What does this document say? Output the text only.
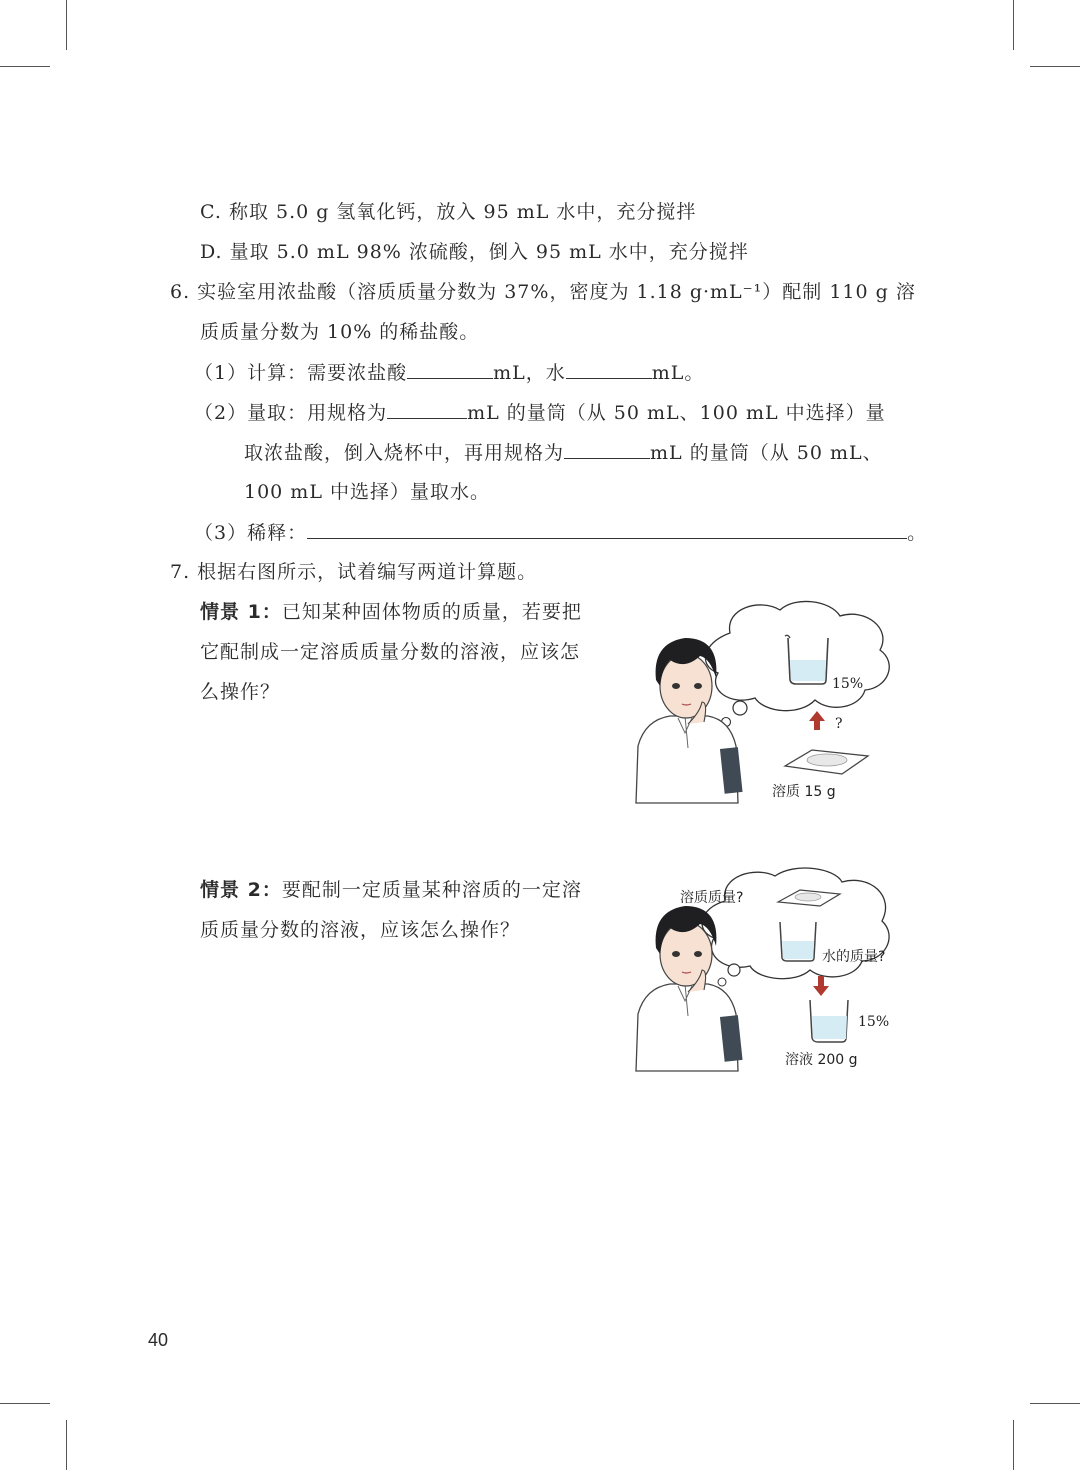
C. 称取 5.0 g 氢氧化钙，放入 95 mL 水中，充分搅拌
D. 量取 5.0 mL 98% 浓硫酸，倒入 95 mL 水中，充分搅拌
6. 实验室用浓盐酸（溶质质量分数为 37%，密度为 1.18 g·mL⁻¹）配制 110 g 溶
质质量分数为 10% 的稀盐酸。
（1）计算：需要浓盐酸	mL，水	mL。
（2）量取：用规格为	mL 的量筒（从 50 mL、100 mL 中选择）量
取浓盐酸，倒入烧杯中，再用规格为	mL 的量筒（从 50 mL、
100 mL 中选择）量取水。
（3）稀释：	。
7. 根据右图所示，试着编写两道计算题。
情景 1：已知某种固体物质的质量，若要把
它配制成一定溶质质量分数的溶液，应该怎
么操作？
情景 2：要配制一定质量某种溶质的一定溶
质质量分数的溶液，应该怎么操作？
15%
?
溶质 15 g
溶质质量?
水的质量?
15%
溶液 200 g
40
